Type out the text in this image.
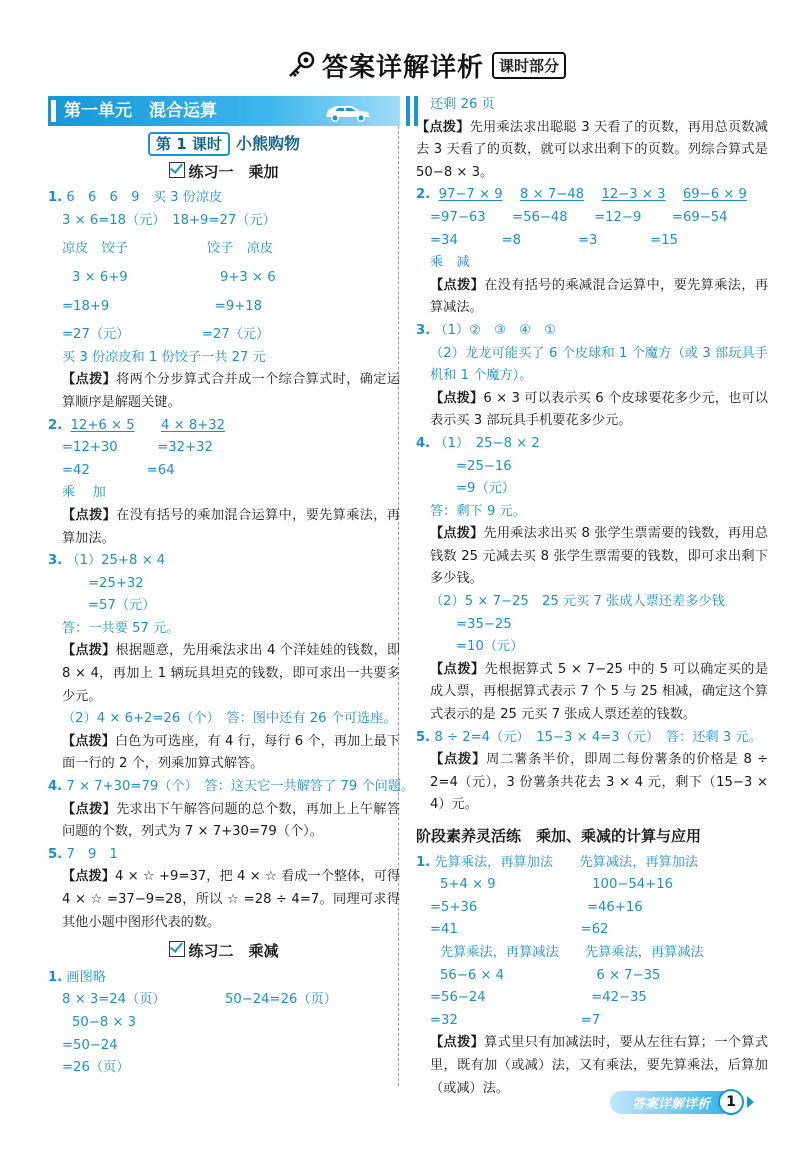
答案详解详析	课时部分
第一单元　混合运算
第 1 课时 小熊购物
练习一　乘加
1. 6　6　6　9　买 3 份凉皮
3 × 6=18（元）　18+9=27（元）
凉皮　饺子　　　　　　饺子　凉皮
3 × 6+9　　　　　　　9+3 × 6
=18+9　　　　　　　　=9+18
=27（元）　　　　　　=27（元）
买 3 份凉皮和 1 份饺子一共 27 元
【点拨】将两个分步算式合并成一个综合算式时，确定运算顺序是解题关键。
2. 12+6 × 5　　 4 × 8+32
=12+30　　　=32+32
=42　　　　 =64
乘　 加
【点拨】在没有括号的乘加混合运算中，要先算乘法，再算加法。
3. （1）25+8 × 4
=25+32
=57（元）
答：一共要 57 元。
【点拨】根据题意，先用乘法求出 4 个洋娃娃的钱数，即 8 × 4，再加上 1 辆玩具坦克的钱数，即可求出一共要多少元。
（2）4 × 6+2=26（个）　答：图中还有 26 个可选座。
【点拨】白色为可选座，有 4 行，每行 6 个，再加上最下面一行的 2 个，列乘加算式解答。
4. 7 × 7+30=79（个）　答：这天它一共解答了 79 个问题。
【点拨】先求出下午解答问题的总个数，再加上上午解答问题的个数，列式为 7 × 7+30=79（个）。
5. 7　9　1
【点拨】4 × ☆ +9=37，把 4 × ☆ 看成一个整体，可得 4 × ☆ =37−9=28，所以 ☆ =28 ÷ 4=7。同理可求得其他小题中图形代表的数。
练习二　乘减
1. 画图略
8 × 3=24（页）　　　　　50−24=26（页）
50−8 × 3
=50−24
=26（页）
还剩 26 页
【点拨】先用乘法求出聪聪 3 天看了的页数，再用总页数减去 3 天看了的页数，就可以求出剩下的页数。列综合算式是 50−8 × 3。
2. 97−7 × 9　 8 × 7−48　 12−3 × 3　 69−6 × 9
=97−63　　=56−48　　=12−9　　 =69−54
=34　　　 =8　　　　 =3　　　　=15
乘　减
【点拨】在没有括号的乘减混合运算中，要先算乘法，再算减法。
3. （1）②　③　④　①
（2）龙龙可能买了 6 个皮球和 1 个魔方（或 3 部玩具手机和 1 个魔方）。
【点拨】6 × 3 可以表示买 6 个皮球要花多少元，也可以表示买 3 部玩具手机要花多少元。
4. （1）　25−8 × 2
=25−16
=9（元）
答：剩下 9 元。
【点拨】先用乘法求出买 8 张学生票需要的钱数，再用总钱数 25 元减去买 8 张学生票需要的钱数，即可求出剩下多少钱。
（2）5 × 7−25　25 元买 7 张成人票还差多少钱
=35−25
=10（元）
【点拨】先根据算式 5 × 7−25 中的 5 可以确定买的是成人票，再根据算式表示 7 个 5 与 25 相减，确定这个算式表示的是 25 元买 7 张成人票还差的钱数。
5. 8 ÷ 2=4（元）　15−3 × 4=3（元）　答：还剩 3 元。
【点拨】周二薯条半价，即周二每份薯条的价格是 8 ÷ 2=4（元），3 份薯条共花去 3 × 4 元，剩下（15−3 × 4）元。
阶段素养灵活练　乘加、乘减的计算与应用
1. 先算乘法，再算加法　　先算减法，再算加法
5+4 × 9　　　　　　　 100−54+16
=5+36　　　　　　　　 =46+16
=41　　　　　　　　　 =62
先算乘法，再算减法　　先算乘法，再算减法
56−6 × 4　　　　　　　6 × 7−35
=56−24　　　　　　　　=42−35
=32　　　　　　　　　 =7
【点拨】算式里只有加减法时，要从左往右算；一个算式里，既有加（或减）法，又有乘法，要先算乘法，后算加（或减）法。
答案详解详析	1
